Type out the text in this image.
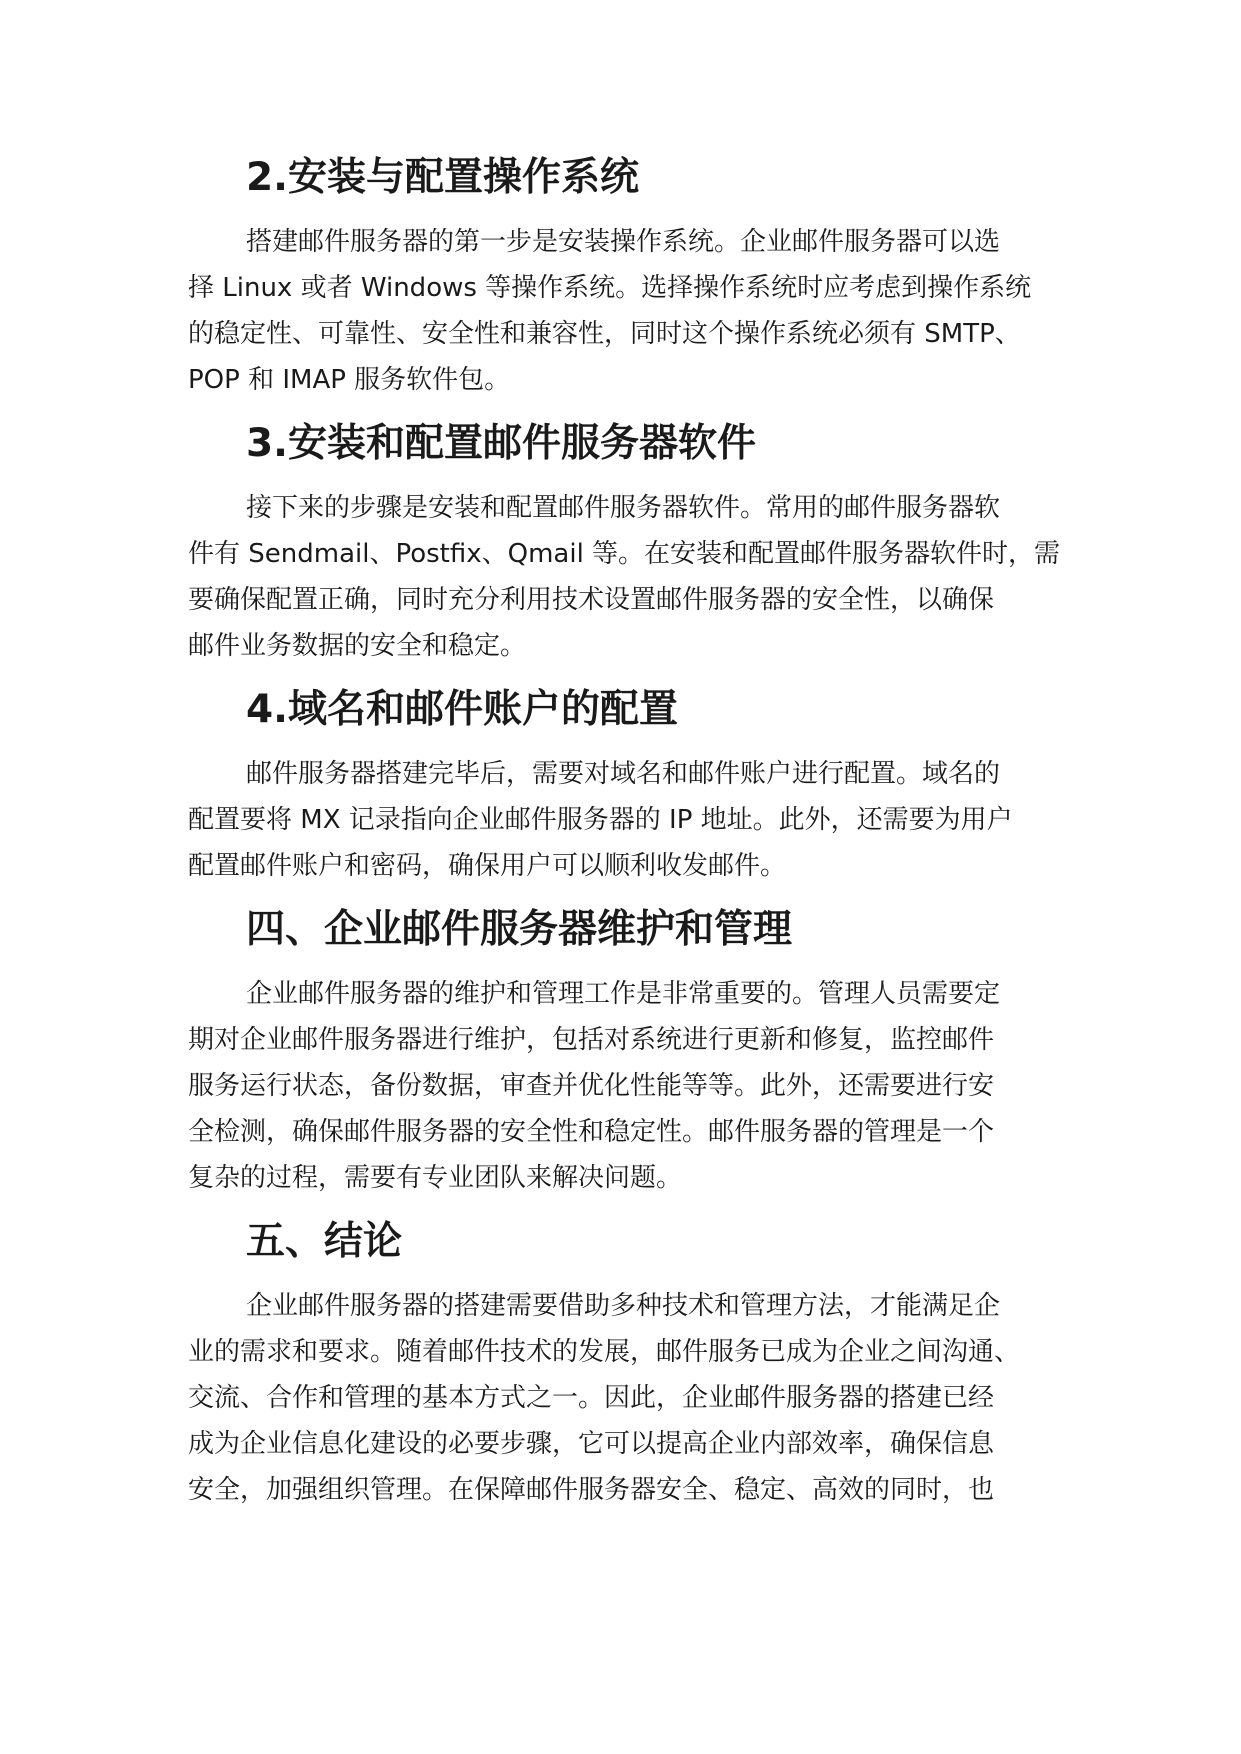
2.安装与配置操作系统

搭建邮件服务器的第一步是安装操作系统。企业邮件服务器可以选
择 Linux 或者 Windows 等操作系统。选择操作系统时应考虑到操作系统
的稳定性、可靠性、安全性和兼容性，同时这个操作系统必须有 SMTP、
POP 和 IMAP 服务软件包。

3.安装和配置邮件服务器软件

接下来的步骤是安装和配置邮件服务器软件。常用的邮件服务器软
件有 Sendmail、Postfix、Qmail 等。在安装和配置邮件服务器软件时，需
要确保配置正确，同时充分利用技术设置邮件服务器的安全性，以确保
邮件业务数据的安全和稳定。

4.域名和邮件账户的配置

邮件服务器搭建完毕后，需要对域名和邮件账户进行配置。域名的
配置要将 MX 记录指向企业邮件服务器的 IP 地址。此外，还需要为用户
配置邮件账户和密码，确保用户可以顺利收发邮件。

四、企业邮件服务器维护和管理

企业邮件服务器的维护和管理工作是非常重要的。管理人员需要定
期对企业邮件服务器进行维护，包括对系统进行更新和修复，监控邮件
服务运行状态，备份数据，审查并优化性能等等。此外，还需要进行安
全检测，确保邮件服务器的安全性和稳定性。邮件服务器的管理是一个
复杂的过程，需要有专业团队来解决问题。

五、结论

企业邮件服务器的搭建需要借助多种技术和管理方法，才能满足企
业的需求和要求。随着邮件技术的发展，邮件服务已成为企业之间沟通、
交流、合作和管理的基本方式之一。因此，企业邮件服务器的搭建已经
成为企业信息化建设的必要步骤，它可以提高企业内部效率，确保信息
安全，加强组织管理。在保障邮件服务器安全、稳定、高效的同时，也
